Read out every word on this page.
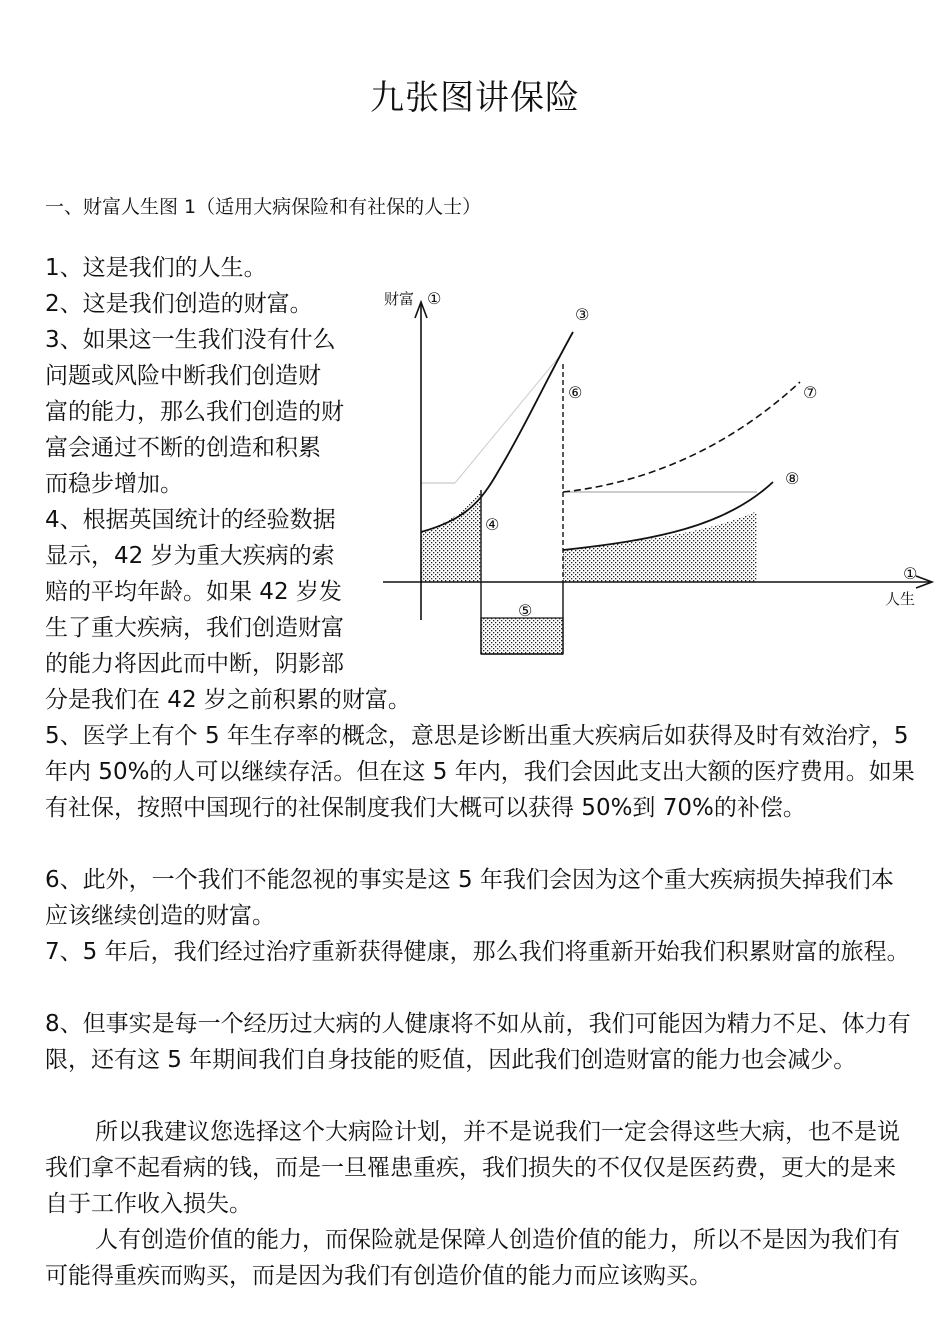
九张图讲保险
一、财富人生图 1（适用大病保险和有社保的人士）
1、这是我们的人生。
2、这是我们创造的财富。
3、如果这一生我们没有什么
问题或风险中断我们创造财
富的能力，那么我们创造的财
富会通过不断的创造和积累
而稳步增加。
4、根据英国统计的经验数据
显示，42 岁为重大疾病的索
赔的平均年龄。如果 42 岁发
生了重大疾病，我们创造财富
的能力将因此而中断，阴影部

分是我们在 42 岁之前积累的财富。

5、医学上有个 5 年生存率的概念，意思是诊断出重大疾病后如获得及时有效治疗，5 年内 50%的人可以继续存活。但在这 5 年内，我们会因此支出大额的医疗费用。如果有社保，按照中国现行的社保制度我们大概可以获得 50%到 70%的补偿。

6、此外，一个我们不能忽视的事实是这 5 年我们会因为这个重大疾病损失掉我们本应该继续创造的财富。

7、5 年后，我们经过治疗重新获得健康，那么我们将重新开始我们积累财富的旅程。

8、但事实是每一个经历过大病的人健康将不如从前，我们可能因为精力不足、体力有限，还有这 5 年期间我们自身技能的贬值，因此我们创造财富的能力也会减少。

所以我建议您选择这个大病险计划，并不是说我们一定会得这些大病，也不是说我们拿不起看病的钱，而是一旦罹患重疾，我们损失的不仅仅是医药费，更大的是来自于工作收入损失。

人有创造价值的能力，而保险就是保障人创造价值的能力，所以不是因为我们有可能得重疾而购买，而是因为我们有创造价值的能力而应该购买。

财富 ①
①
人生
③
④
⑤
⑥	⑦
⑧
